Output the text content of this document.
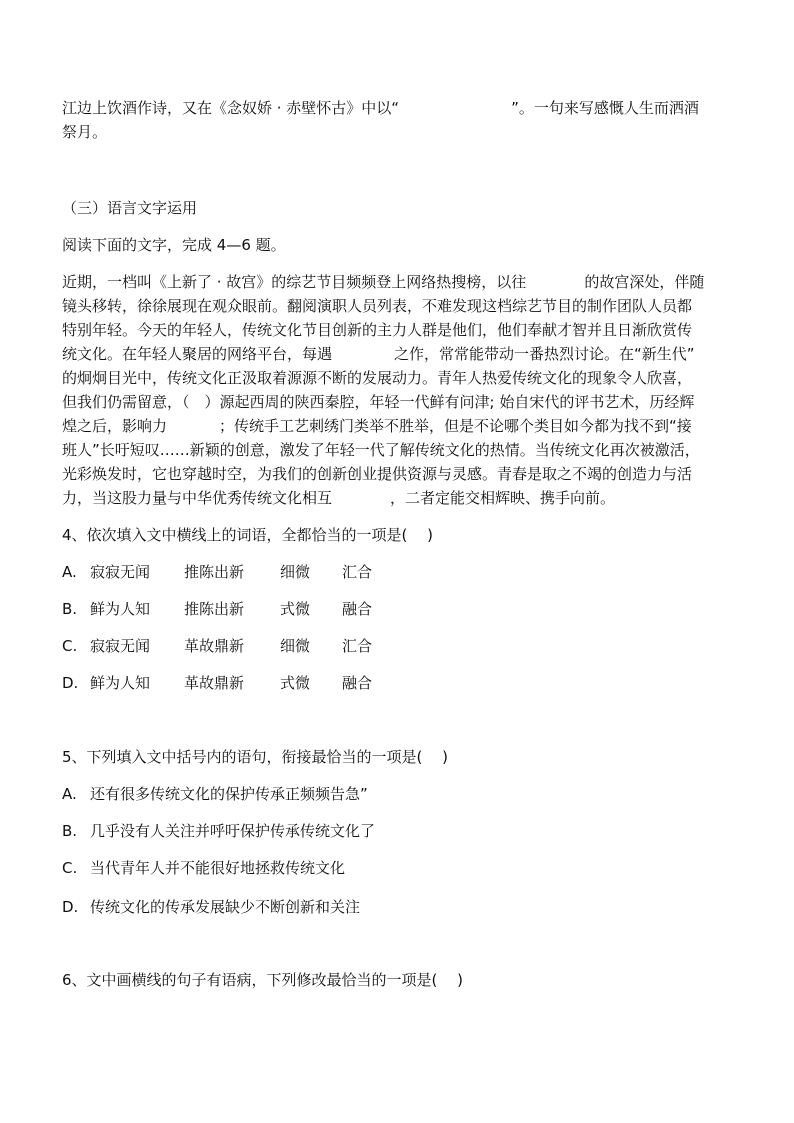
江边上饮酒作诗，又在《念奴娇 · 赤壁怀古》中以“	”。一句来写感慨人生而洒酒
祭月。
（三）语言文字运用
阅读下面的文字，完成 4—6 题。
近期，一档叫《上新了 · 故宫》的综艺节目频频登上网络热搜榜，以往	的故宫深处，伴随
镜头移转，徐徐展现在观众眼前。翻阅演职人员列表，不难发现这档综艺节目的制作团队人员都
特别年轻。今天的年轻人，传统文化节目创新的主力人群是他们，他们奉献才智并且日渐欣赏传
统文化。在年轻人聚居的网络平台，每遇	之作，常常能带动一番热烈讨论。在“新生代”
的炯炯目光中，传统文化正汲取着源源不断的发展动力。青年人热爱传统文化的现象令人欣喜，
但我们仍需留意，（　）源起西周的陕西秦腔，年轻一代鲜有问津; 始自宋代的评书艺术，历经辉
煌之后，影响力	；传统手工艺刺绣门类举不胜举，但是不论哪个类目如今都为找不到“接
班人”长吁短叹……新颖的创意，激发了年轻一代了解传统文化的热情。当传统文化再次被激活，
光彩焕发时，它也穿越时空，为我们的创新创业提供资源与灵感。青春是取之不竭的创造力与活
力，当这股力量与中华优秀传统文化相互	，二者定能交相辉映、携手向前。
4、依次填入文中横线上的词语，全都恰当的一项是(　 )
A. 寂寂无闻 推陈出新 细微 汇合
B. 鲜为人知 推陈出新 式微 融合
C. 寂寂无闻 革故鼎新 细微 汇合
D. 鲜为人知 革故鼎新 式微 融合
5、下列填入文中括号内的语句，衔接最恰当的一项是(　 )
A. 还有很多传统文化的保护传承正频频告急”
B. 几乎没有人关注并呼吁保护传承传统文化了
C. 当代青年人并不能很好地拯救传统文化
D. 传统文化的传承发展缺少不断创新和关注
6、文中画横线的句子有语病，下列修改最恰当的一项是(　 )
